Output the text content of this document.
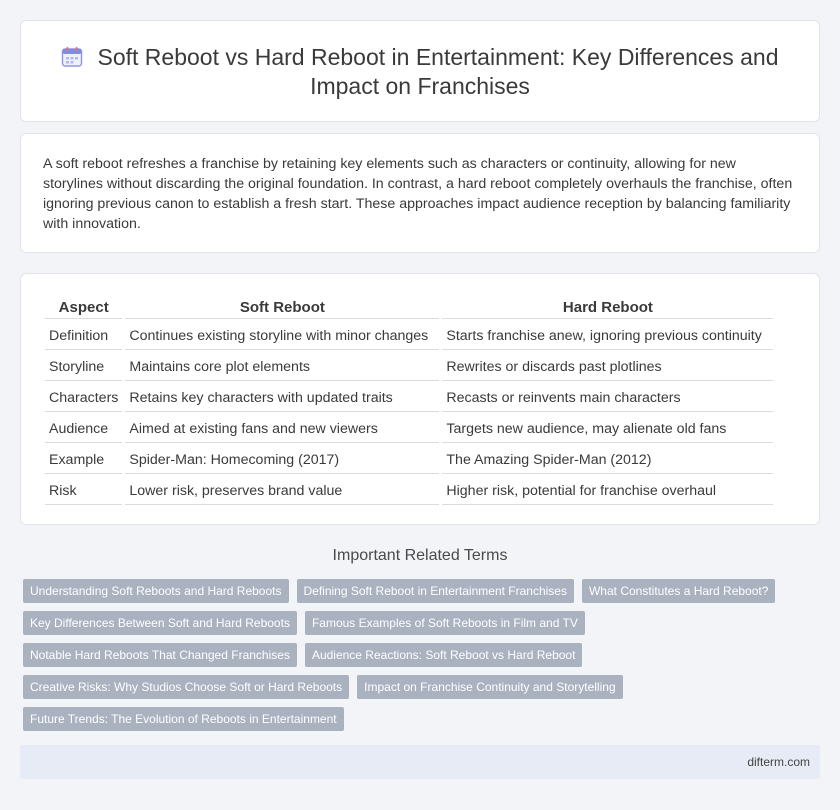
Soft Reboot vs Hard Reboot in Entertainment: Key Differences and Impact on Franchises

A soft reboot refreshes a franchise by retaining key elements such as characters or continuity, allowing for new storylines without discarding the original foundation. In contrast, a hard reboot completely overhauls the franchise, often ignoring previous canon to establish a fresh start. These approaches impact audience reception by balancing familiarity with innovation.

Aspect	Soft Reboot	Hard Reboot
Definition	Continues existing storyline with minor changes	Starts franchise anew, ignoring previous continuity
Storyline	Maintains core plot elements	Rewrites or discards past plotlines
Characters	Retains key characters with updated traits	Recasts or reinvents main characters
Audience	Aimed at existing fans and new viewers	Targets new audience, may alienate old fans
Example	Spider-Man: Homecoming (2017)	The Amazing Spider-Man (2012)
Risk	Lower risk, preserves brand value	Higher risk, potential for franchise overhaul
Important Related Terms
Understanding Soft Reboots and Hard Reboots	Defining Soft Reboot in Entertainment Franchises	What Constitutes a Hard Reboot?
Key Differences Between Soft and Hard Reboots	Famous Examples of Soft Reboots in Film and TV
Notable Hard Reboots That Changed Franchises	Audience Reactions: Soft Reboot vs Hard Reboot
Creative Risks: Why Studios Choose Soft or Hard Reboots	Impact on Franchise Continuity and Storytelling
Future Trends: The Evolution of Reboots in Entertainment
difterm.com
